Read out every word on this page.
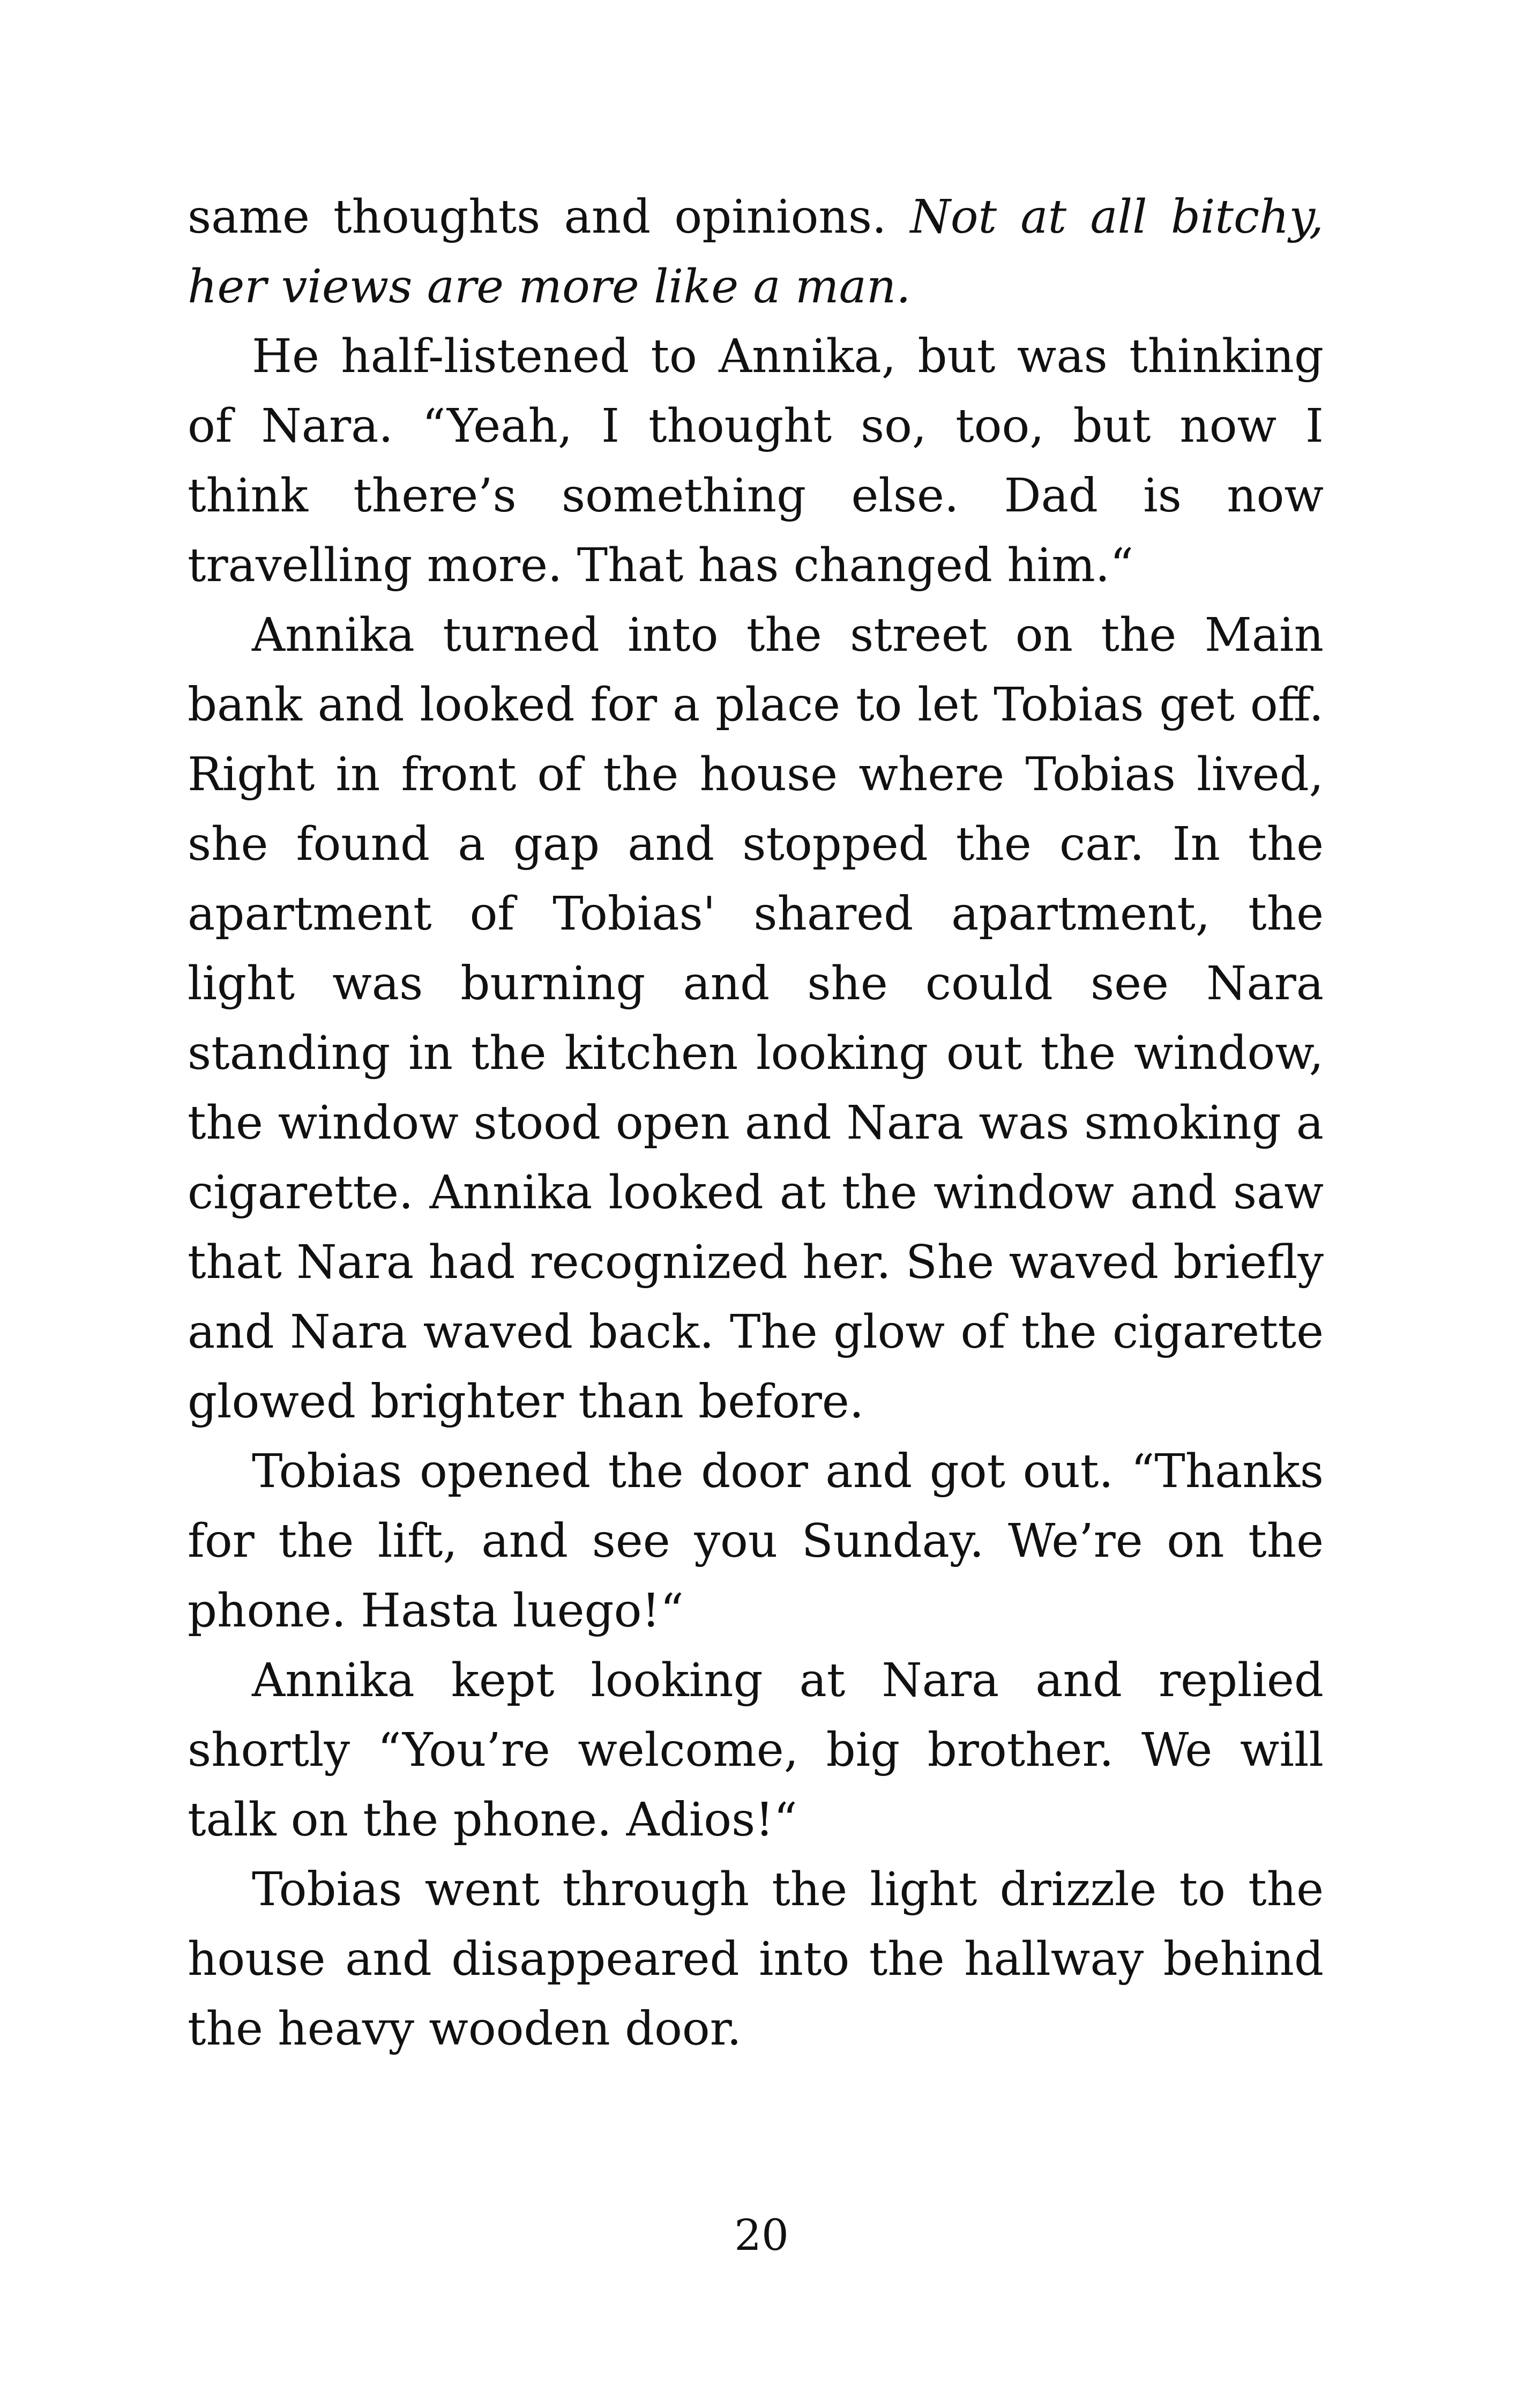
same thoughts and opinions. Not at all bitchy, her views are more like a man.

He half-listened to Annika, but was thinking of Nara. “Yeah, I thought so, too, but now I think there’s something else. Dad is now travelling more. That has changed him.“

Annika turned into the street on the Main bank and looked for a place to let Tobias get off. Right in front of the house where Tobias lived, she found a gap and stopped the car. In the apartment of Tobias' shared apartment, the light was burning and she could see Nara standing in the kitchen looking out the window, the window stood open and Nara was smoking a cigarette. Annika looked at the window and saw that Nara had recognized her. She waved briefly and Nara waved back. The glow of the cigarette glowed brighter than before.

Tobias opened the door and got out. “Thanks for the lift, and see you Sunday. We’re on the phone. Hasta luego!“

Annika kept looking at Nara and replied shortly “You’re welcome, big brother. We will talk on the phone. Adios!“

Tobias went through the light drizzle to the house and disappeared into the hallway behind the heavy wooden door.

20
